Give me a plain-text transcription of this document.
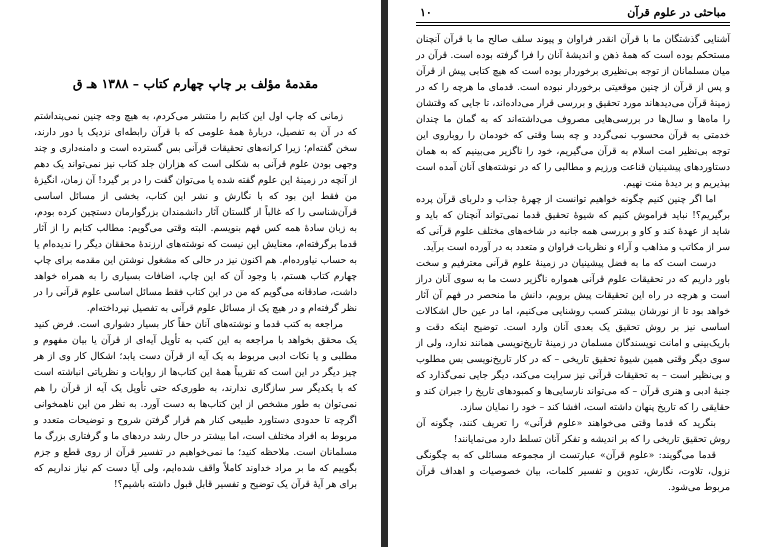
مقدمهٔ مؤلف بر چاپ چهارم کتاب – ۱۳۸۸ هـ ق

زمانی که چاپ اول این کتابم را منتشر می‌کردم، به هیچ وجه چنین نمی‌پنداشتم که در آن به تفصیل، دربارهٔ همهٔ علومی که با قرآن رابطه‌ای نزدیک یا دور دارند، سخن گفته‌ام؛ زیرا کرانه‌های تحقیقات قرآنی بس گسترده است و دامنه‌داری و چند وجهی بودن علوم قرآنی به شکلی است که هزاران جلد کتاب نیز نمی‌تواند یک دهم از آنچه در زمینهٔ این علوم گفته شده یا می‌توان گفت را در بر گیرد! آن زمان، انگیزهٔ من فقط این بود که با نگارش و نشر این کتاب، بخشی از مسائل اساسی قرآن‌شناسی را که غالباً از گلستان آثار دانشمندان بزرگوارمان دستچین کرده بودم، به زبان سادهٔ همه کس فهم بنویسم. البته وقتی می‌گویم: مطالب کتابم را از آثار قدما برگرفته‌ام، معنایش این نیست که نوشته‌های ارزندهٔ محققان دیگر را ندیده‌ام یا به حساب نیاورده‌ام. هم اکنون نیز در حالی که مشغول نوشتن این مقدمه برای چاپ چهارم کتاب هستم، با وجود آن که این چاپ، اضافات بسیاری را به همراه خواهد داشت، صادقانه می‌گویم که من در این کتاب فقط مسائل اساسی علوم قرآنی را در نظر گرفته‌ام و در هیچ یک از مسائل علوم قرآنی به تفصیل نپرداخته‌ام.

مراجعه به کتب قدما و نوشته‌های آنان حقاً کار بسیار دشواری است. فرض کنید یک محقق بخواهد با مراجعه به این کتب به تأویل آیه‌ای از قرآن یا بیان مفهوم و مطلبی و یا نکات ادبی مربوط به یک آیه از قرآن دست یابد؛ اشکال کار وی از هر چیز دیگر در این است که تقریباً همهٔ این کتاب‌ها از روایات و نظریاتی انباشته است که با یکدیگر سر سازگاری ندارند، به طوری‌که حتی تأویل یک آیه از قرآن را هم نمی‌توان به طور مشخص از این کتاب‌ها به دست آورد. به نظر من این ناهمخوانی اگرچه تا حدودی دستاورد طبیعی کنار هم قرار گرفتن شروح و توضیحات متعدد و مربوط به افراد مختلف است، اما بیشتر در حال رشد دردهای ما و گرفتاری بزرگ ما مسلمانان است. ملاحظه کنید؛ ما نمی‌خواهیم در تفسیر قرآن از روی قطع و جزم بگوییم که ما بر مراد خداوند کاملاً واقف شده‌ایم، ولی آیا دست کم نیاز نداریم که برای هر آیهٔ قرآن یک توضیح و تفسیر قابل قبول داشته باشیم؟!

مباحثی در علوم قرآن
۱۰

آشنایی گذشتگان ما با قرآن انقدر فراوان و پیوند سلف صالح ما با قرآن آنچنان مستحکم بوده است که همهٔ ذهن و اندیشهٔ آنان را فرا گرفته بوده است. قرآن در میان مسلمانان از توجه بی‌نظیری برخوردار بوده است که هیچ کتابی پیش از قرآن و پس از قرآن از چنین موقعیتی برخوردار نبوده است. قدمای ما هرچه را که در زمینهٔ قرآن می‌دیدهاند مورد تحقیق و بررسی قرار می‌داده‌اند، تا جایی که وقتشان را ماه‌ها و سال‌ها در بررسی‌هایی مصروف می‌داشته‌اند که به گمان ما چندان خدمتی به قرآن محسوب نمی‌گردد و چه بسا وقتی که خودمان را روباروی این توجه بی‌نظیر امت اسلام به قرآن می‌گیریم، خود را ناگزیر می‌بینیم که به همان دستاوردهای پیشینیان قناعت ورزیم و مطالبی را که در نوشته‌های آنان آمده است بپذیریم و بر دیدهٔ منت نهیم.

اما اگر چنین کنیم چگونه خواهیم توانست از چهرهٔ جذاب و دلربای قرآن پرده برگیریم؟! نباید فراموش کنیم که شیوهٔ تحقیق قدما نمی‌تواند آنچنان که باید و شاید از عهدهٔ کند و کاو و بررسی همه جانبه در شاخه‌های مختلف علوم قرآنی که سر از مکاتب و مذاهب و آراء و نظریات فراوان و متعدد به در آورده است برآید.

درست است که ما به فضل پیشینیان در زمینهٔ علوم قرآنی معترفیم و سخت باور داریم که در تحقیقات علوم قرآنی همواره ناگزیر دست ما به سوی آنان دراز است و هرچه در راه این تحقیقات پیش برویم، دانش ما منحصر در فهم آن آثار خواهد بود تا از نورشان بیشتر کسب روشنایی می‌کنیم، اما در عین حال اشکالات اساسی نیز بر روش تحقیق یک بعدی آنان وارد است. توضیح اینکه دقت و باریک‌بینی و امانت نویسندگان مسلمان در زمینهٔ تاریخ‌نویسی همانند ندارد، ولی از سوی دیگر وقتی همین شیوهٔ تحقیق تاریخی – که در کار تاریخ‌نویسی بس مطلوب و بی‌نظیر است – به تحقیقات قرآنی نیز سرایت می‌کند، دیگر جایی نمی‌گذارد که جنبهٔ ادبی و هنری قرآن – که می‌تواند نارسایی‌ها و کمبودهای تاریخ را جبران کند و حقایقی را که تاریخ پنهان داشته است، افشا کند – خود را نمایان سازد.

بنگرید که قدما وقتی می‌خواهند «علوم قرآنی» را تعریف کنند، چگونه آن روش تحقیق تاریخی را که بر اندیشه و تفکر آنان تسلط دارد می‌نمایانند!

قدما می‌گویند: «علوم قرآن» عبارتست از مجموعه مسائلی که به چگونگی نزول، تلاوت، نگارش، تدوین و تفسیر کلمات، بیان خصوصیات و اهداف قرآن مربوط می‌شود.
